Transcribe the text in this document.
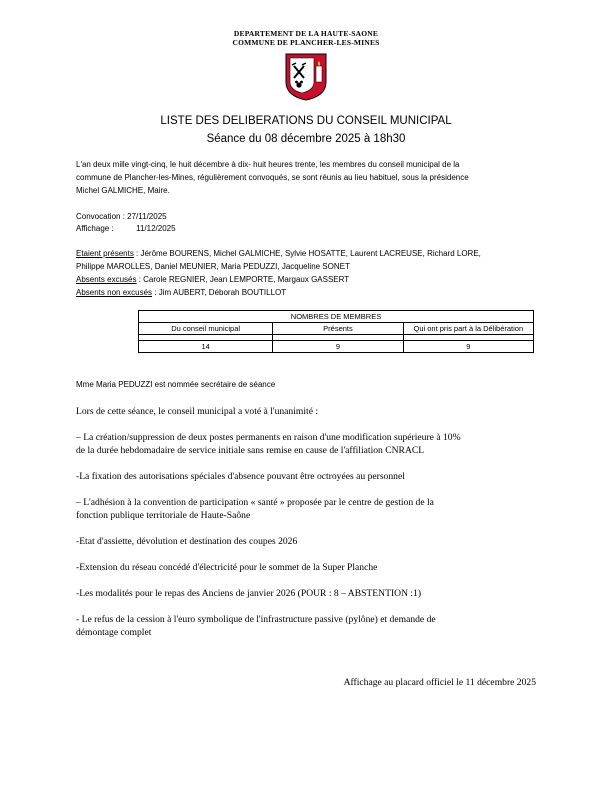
DEPARTEMENT DE LA HAUTE-SAONE
COMMUNE DE PLANCHER-LES-MINES
LISTE DES DELIBERATIONS DU CONSEIL MUNICIPAL
Séance du 08 décembre 2025 à 18h30
L'an deux mille vingt-cinq, le huit décembre à dix- huit heures trente, les membres du conseil municipal de la
commune de Plancher-les-Mines, régulièrement convoqués, se sont réunis au lieu habituel, sous la présidence
Michel GALMICHE, Maire.
Convocation : 27/11/2025
Affichage :	11/12/2025
Etaient présents : Jérôme BOURENS, Michel GALMICHE, Sylvie HOSATTE, Laurent LACREUSE, Richard LORE,
Philippe MAROLLES, Daniel MEUNIER, Maria PEDUZZI, Jacqueline SONET
Absents excusés : Carole REGNIER, Jean LEMPORTE, Margaux GASSERT
Absents non excusés : Jim AUBERT, Déborah BOUTILLOT
NOMBRES DE MEMBRES		
Du conseil municipal	Présents	Qui ont pris part à la Délibération

14	9	9
Mme Maria PEDUZZI est nommée secrétaire de séance
Lors de cette séance, le conseil municipal a voté à l'unanimité :
– La création/suppression de deux postes permanents en raison d'une modification supérieure à 10%
de la durée hebdomadaire de service initiale sans remise en cause de l'affiliation CNRACL
-La fixation des autorisations spéciales d'absence pouvant être octroyées au personnel
– L'adhésion à la convention de participation « santé » proposée par le centre de gestion de la
fonction publique territoriale de Haute-Saône
-Etat d'assiette, dévolution et destination des coupes 2026
-Extension du réseau concédé d'électricité pour le sommet de la Super Planche
-Les modalités pour le repas des Anciens de janvier 2026 (POUR : 8 – ABSTENTION :1)
- Le refus de la cession à l'euro symbolique de l'infrastructure passive (pylône) et demande de
démontage complet
Affichage au placard officiel le 11 décembre 2025
